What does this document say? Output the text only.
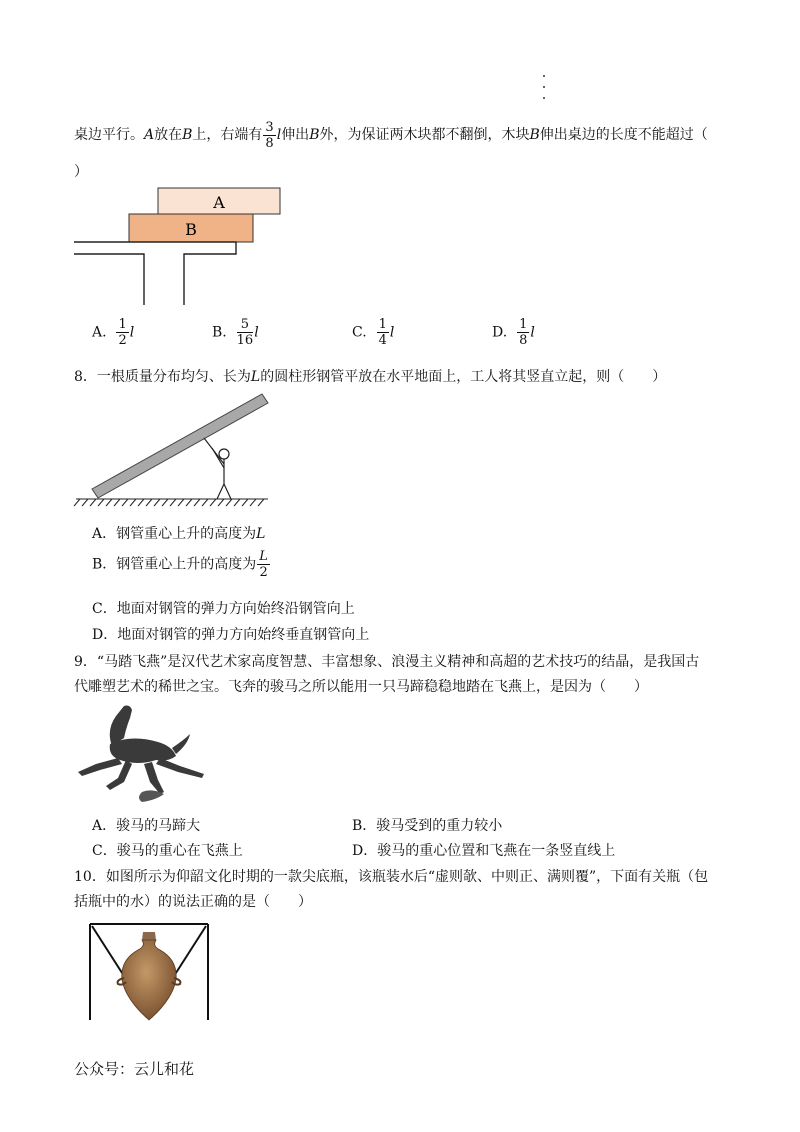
桌边平行。A放在B上，右端有 $\frac{3}{8}$ l伸出B外，为保证两木块都不翻倒，木块B伸出桌边的长度不能超过（
）
A
B
A. $\frac{1}{2}$ l	B. $\frac{5}{16}$ l	C. $\frac{1}{4}$ l	D. $\frac{1}{8}$ l
8．一根质量分布均匀、长为L的圆柱形钢管平放在水平地面上，工人将其竖直立起，则（　　）
A．钢管重心上升的高度为L
B．钢管重心上升的高度为 $\frac{L}{2}$
C．地面对钢管的弹力方向始终沿钢管向上
D．地面对钢管的弹力方向始终垂直钢管向上
9．“马踏飞燕”是汉代艺术家高度智慧、丰富想象、浪漫主义精神和高超的艺术技巧的结晶，是我国古
代雕塑艺术的稀世之宝。飞奔的骏马之所以能用一只马蹄稳稳地踏在飞燕上，是因为（　　）
A．骏马的马蹄大	B．骏马受到的重力较小
C．骏马的重心在飞燕上	D．骏马的重心位置和飞燕在一条竖直线上
10．如图所示为仰韶文化时期的一款尖底瓶，该瓶装水后“虚则欹、中则正、满则覆”，下面有关瓶（包
括瓶中的水）的说法正确的是（　　）
公众号：云儿和花
